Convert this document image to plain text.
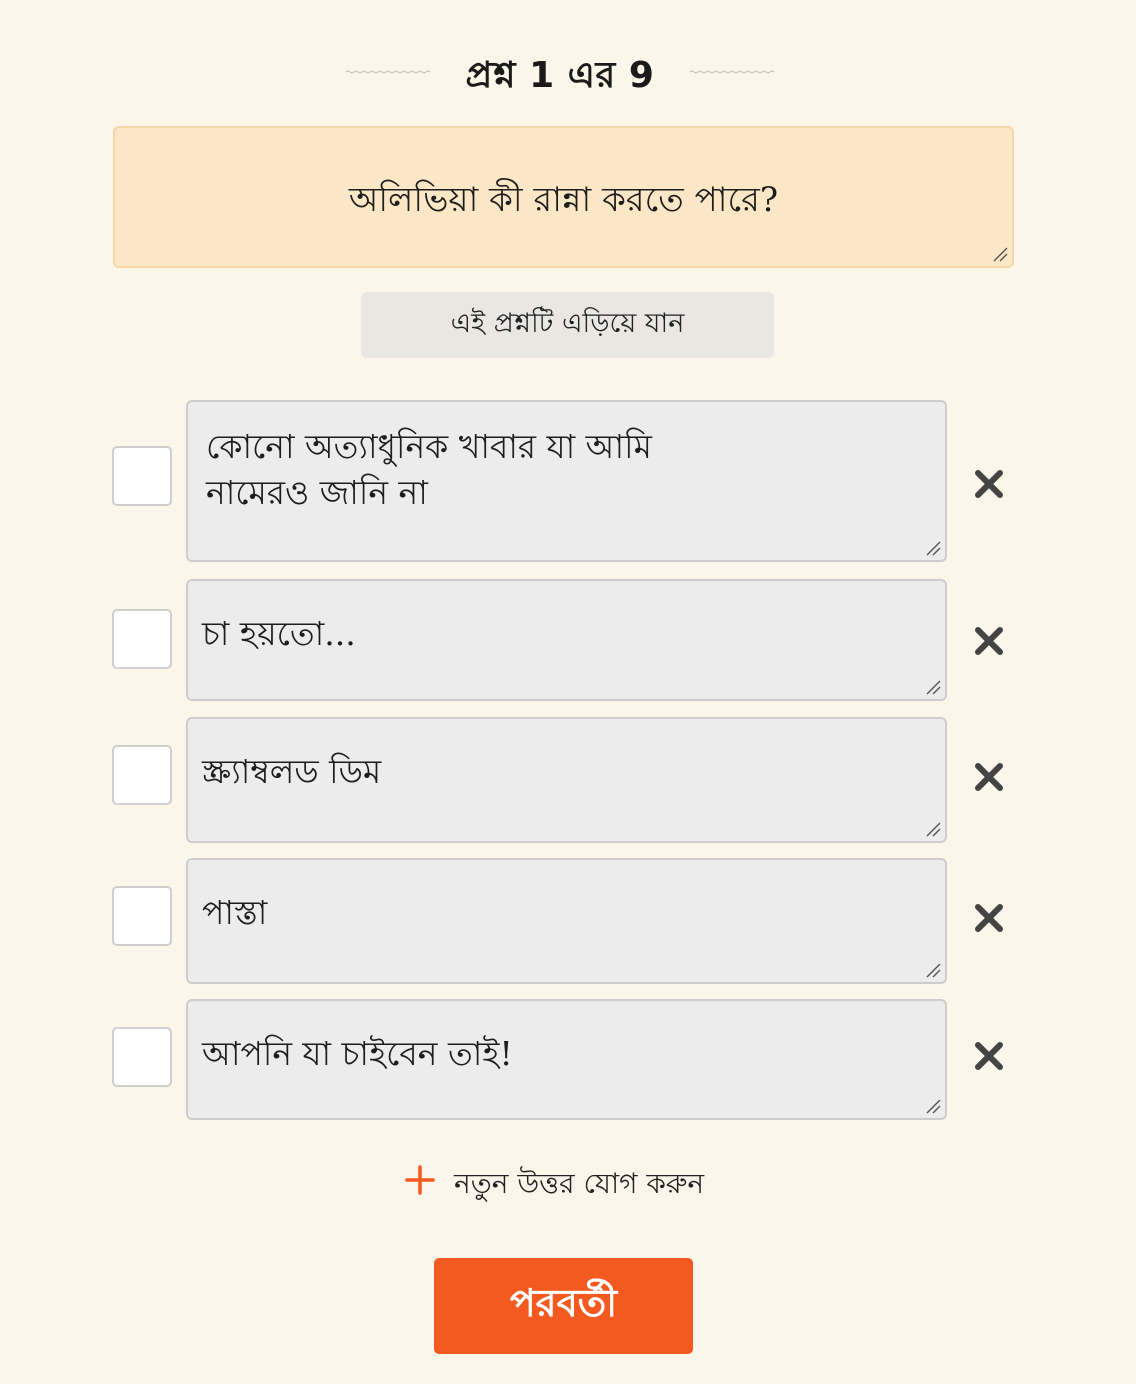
প্রশ্ন 1 এর 9
অলিভিয়া কী রান্না করতে পারে?
এই প্রশ্নটি এড়িয়ে যান
কোনো অত্যাধুনিক খাবার যা আমি নামেরও জানি না
চা হয়তো...
স্ক্র্যাম্বলড ডিম
পাস্তা
আপনি যা চাইবেন তাই!
নতুন উত্তর যোগ করুন
পরবর্তী
